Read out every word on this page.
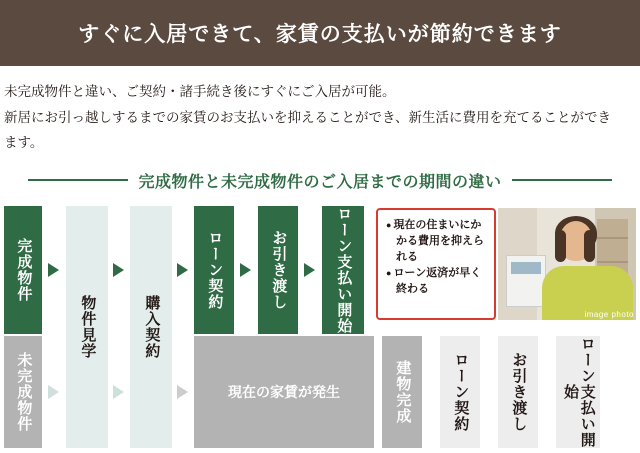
すぐに入居できて、家賃の支払いが節約できます

未完成物件と違い、ご契約・諸手続き後にすぐにご入居が可能。

新居にお引っ越しするまでの家賃のお支払いを抑えることができ、新生活に費用を充てることができ

ます。

完成物件と未完成物件のご入居までの期間の違い
完成物件
未完成物件
物件見学	購入契約
ローン契約	お引き渡し	ローン支払い開始
現在の家賃が発生	建物完成	ローン契約	お引き渡し	ローン支払い開始
● 現在の住まいにかかる費用を抑えられる
● ローン返済が早く終わる
image photo
